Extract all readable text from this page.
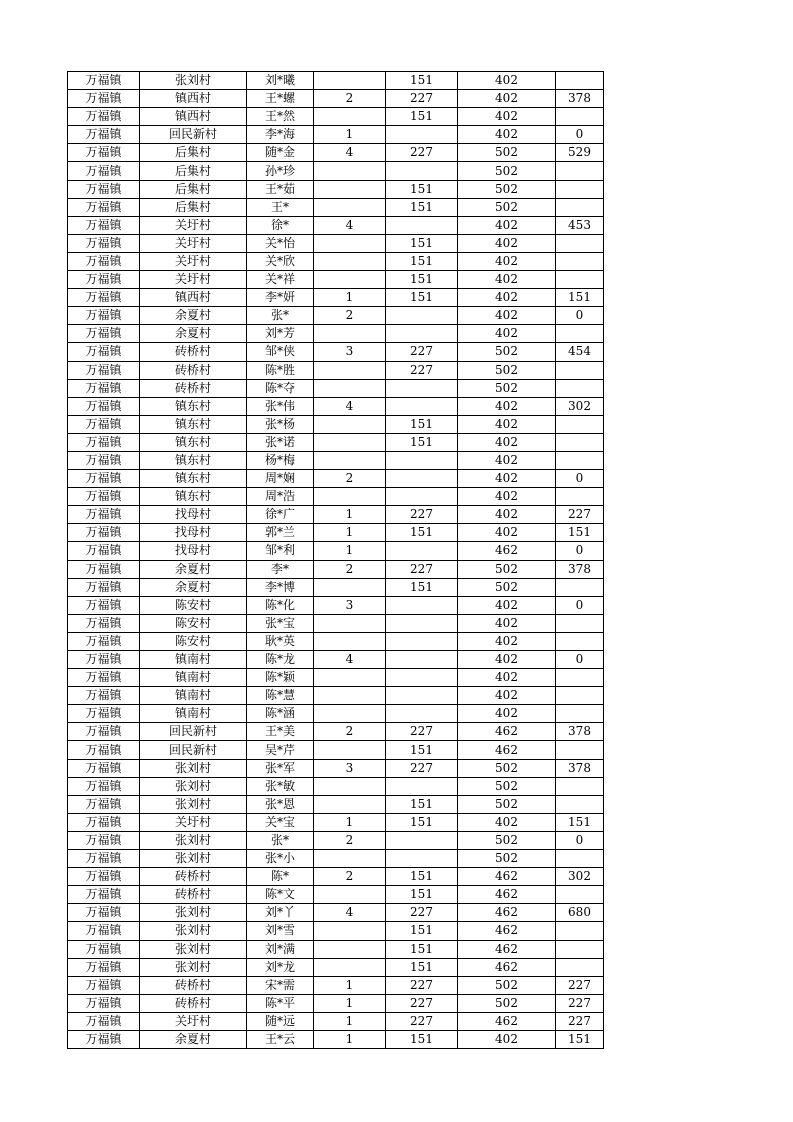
万福镇	张刘村	刘*曦		151	402	
万福镇	镇西村	王*螺	2	227	402	378
万福镇	镇西村	王*然		151	402	
万福镇	回民新村	李*海	1		402	0
万福镇	后集村	随*金	4	227	502	529
万福镇	后集村	孙*珍			502	
万福镇	后集村	王*茹		151	502	
万福镇	后集村	王*		151	502	
万福镇	关圩村	徐*	4		402	453
万福镇	关圩村	关*怡		151	402	
万福镇	关圩村	关*欣		151	402	
万福镇	关圩村	关*祥		151	402	
万福镇	镇西村	李*妍	1	151	402	151
万福镇	余夏村	张*	2		402	0
万福镇	余夏村	刘*芳			402	
万福镇	砖桥村	邹*侠	3	227	502	454
万福镇	砖桥村	陈*胜		227	502	
万福镇	砖桥村	陈*夺			502	
万福镇	镇东村	张*伟	4		402	302
万福镇	镇东村	张*杨		151	402	
万福镇	镇东村	张*诺		151	402	
万福镇	镇东村	杨*梅			402	
万福镇	镇东村	周*娴	2		402	0
万福镇	镇东村	周*浩			402	
万福镇	找母村	徐*广	1	227	402	227
万福镇	找母村	郭*兰	1	151	402	151
万福镇	找母村	邹*利	1		462	0
万福镇	余夏村	李*	2	227	502	378
万福镇	余夏村	李*博		151	502	
万福镇	陈安村	陈*化	3		402	0
万福镇	陈安村	张*宝			402	
万福镇	陈安村	耿*英			402	
万福镇	镇南村	陈*龙	4		402	0
万福镇	镇南村	陈*颖			402	
万福镇	镇南村	陈*慧			402	
万福镇	镇南村	陈*涵			402	
万福镇	回民新村	王*美	2	227	462	378
万福镇	回民新村	吴*芹		151	462	
万福镇	张刘村	张*军	3	227	502	378
万福镇	张刘村	张*敏			502	
万福镇	张刘村	张*恩		151	502	
万福镇	关圩村	关*宝	1	151	402	151
万福镇	张刘村	张*	2		502	0
万福镇	张刘村	张*小			502	
万福镇	砖桥村	陈*	2	151	462	302
万福镇	砖桥村	陈*文		151	462	
万福镇	张刘村	刘*丫	4	227	462	680
万福镇	张刘村	刘*雪		151	462	
万福镇	张刘村	刘*满		151	462	
万福镇	张刘村	刘*龙		151	462	
万福镇	砖桥村	宋*需	1	227	502	227
万福镇	砖桥村	陈*平	1	227	502	227
万福镇	关圩村	随*远	1	227	462	227
万福镇	余夏村	王*云	1	151	402	151
